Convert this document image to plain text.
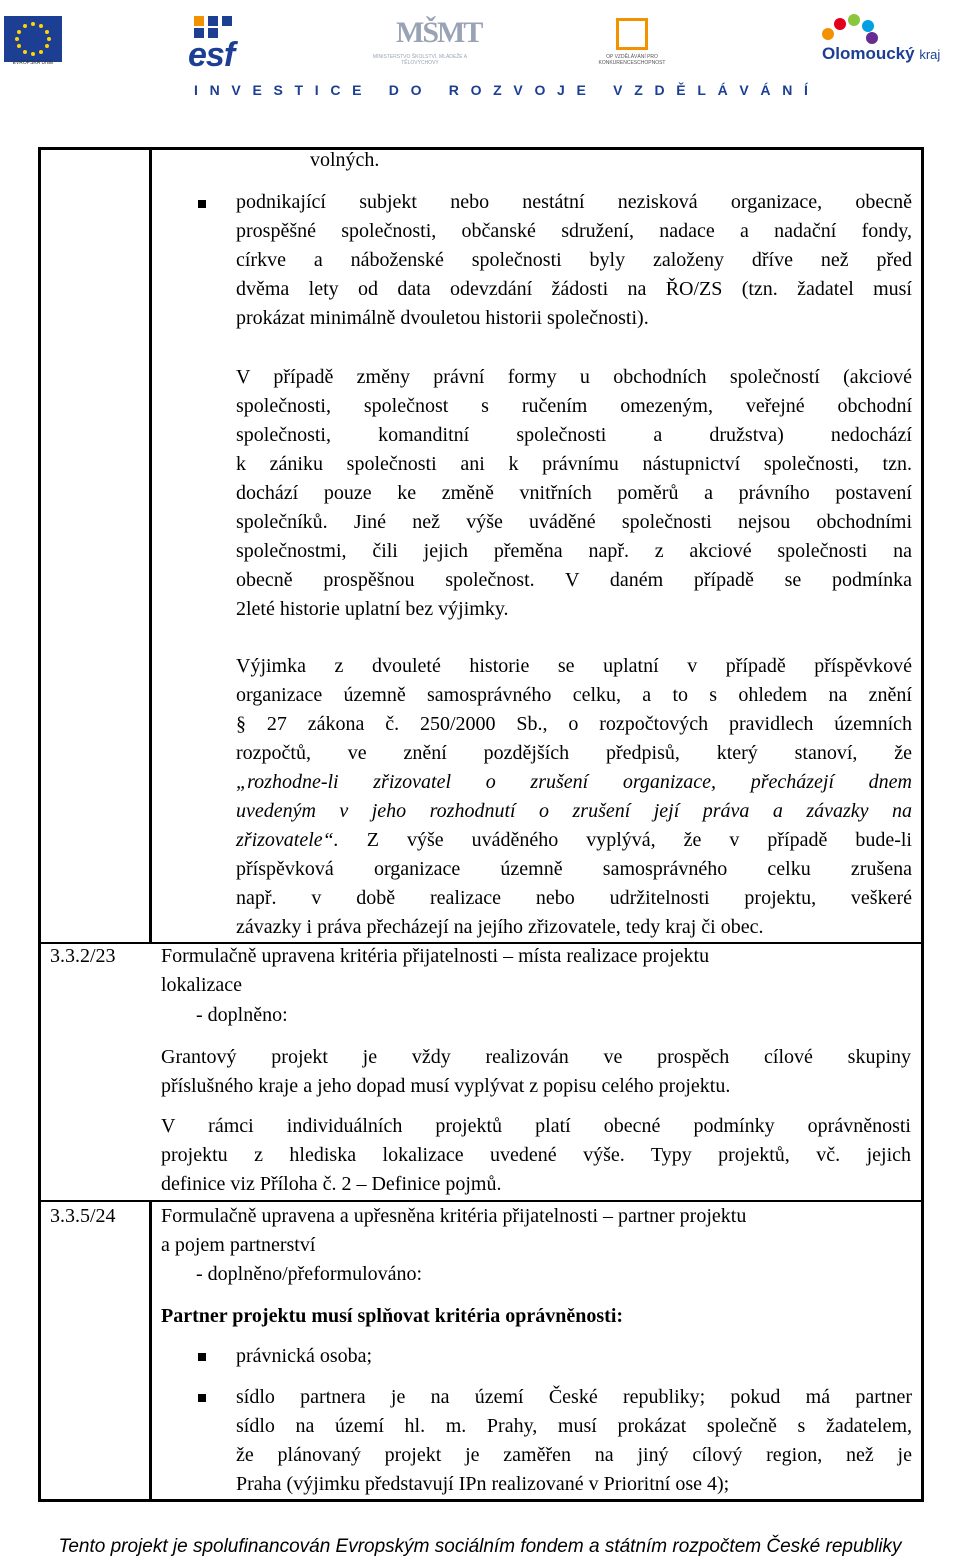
EVROPSKÁ UNIE	esf
MŠMT
MINISTERSTVO ŠKOLSTVÍ, MLÁDEŽE A TĚLOVÝCHOVY
OP VZDĚLÁVÁNÍ PRO KONKURENCESCHOPNOST	Olomoucký kraj
INVESTICE DO ROZVOJE VZDĚLÁVÁNÍ
volných.
podnikající subjekt nebo nestátní nezisková organizace, obecně
prospěšné společnosti, občanské sdružení, nadace a nadační fondy,
církve a náboženské společnosti byly založeny dříve než před
dvěma lety od data odevzdání žádosti na ŘO/ZS (tzn. žadatel musí
prokázat minimálně dvouletou historii společnosti).
V případě změny právní formy u obchodních společností (akciové
společnosti, společnost s ručením omezeným, veřejné obchodní
společnosti, komanditní společnosti a družstva) nedochází
k zániku společnosti ani k právnímu nástupnictví společnosti, tzn.
dochází pouze ke změně vnitřních poměrů a právního postavení
společníků. Jiné než výše uváděné společnosti nejsou obchodními
společnostmi, čili jejich přeměna např. z akciové společnosti na
obecně prospěšnou společnost. V daném případě se podmínka
2leté historie uplatní bez výjimky.
Výjimka z dvouleté historie se uplatní v případě příspěvkové
organizace územně samosprávného celku, a to s ohledem na znění
§ 27 zákona č. 250/2000 Sb., o rozpočtových pravidlech územních
rozpočtů, ve znění pozdějších předpisů, který stanoví, že
„rozhodne-li zřizovatel o zrušení organizace, přecházejí dnem
uvedeným v jeho rozhodnutí o zrušení její práva a závazky na
zřizovatele“. Z výše uváděného vyplývá, že v případě bude-li
příspěvková organizace územně samosprávného celku zrušena
např. v době realizace nebo udržitelnosti projektu, veškeré
závazky i práva přecházejí na jejího zřizovatele, tedy kraj či obec.
3.3.2/23 Formulačně upravena kritéria přijatelnosti – místa realizace projektu
lokalizace
- doplněno:
Grantový projekt je vždy realizován ve prospěch cílové skupiny
příslušného kraje a jeho dopad musí vyplývat z popisu celého projektu.
V rámci individuálních projektů platí obecné podmínky oprávněnosti
projektu z hlediska lokalizace uvedené výše. Typy projektů, vč. jejich
definice viz Příloha č. 2 – Definice pojmů.
3.3.5/24 Formulačně upravena a upřesněna kritéria přijatelnosti – partner projektu
a pojem partnerství
- doplněno/přeformulováno:
Partner projektu musí splňovat kritéria oprávněnosti:
právnická osoba;
sídlo partnera je na území České republiky; pokud má partner
sídlo na území hl. m. Prahy, musí prokázat společně s žadatelem,
že plánovaný projekt je zaměřen na jiný cílový region, než je
Praha (výjimku představují IPn realizované v Prioritní ose 4);
Tento projekt je spolufinancován Evropským sociálním fondem a státním rozpočtem České republiky
